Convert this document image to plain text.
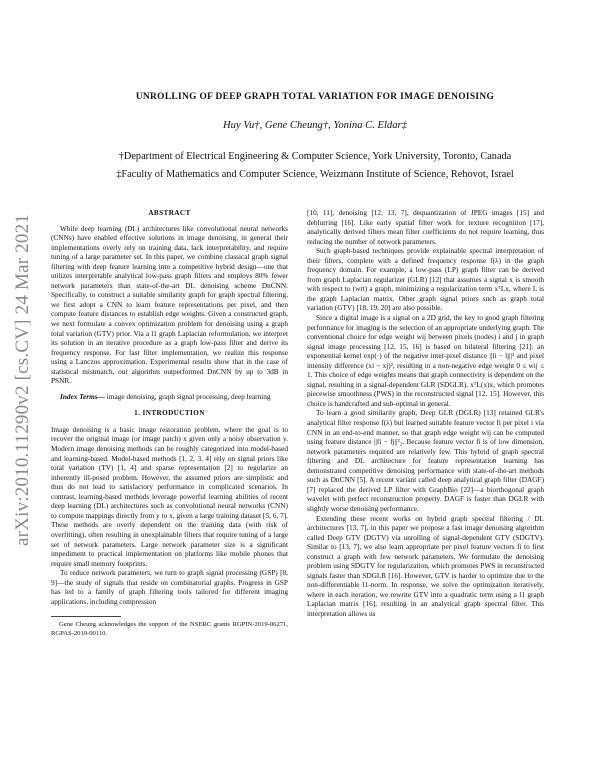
arXiv:2010.11290v2 [cs.CV] 24 Mar 2021
UNROLLING OF DEEP GRAPH TOTAL VARIATION FOR IMAGE DENOISING
Huy Vu†, Gene Cheung†, Yonina C. Eldar‡
†Department of Electrical Engineering & Computer Science, York University, Toronto, Canada
‡Faculty of Mathematics and Computer Science, Weizmann Institute of Science, Rehovot, Israel
ABSTRACT

While deep learning (DL) architectures like convolutional neural networks (CNNs) have enabled effective solutions in image denoising, in general their implementations overly rely on training data, lack interpretability, and require tuning of a large parameter set. In this paper, we combine classical graph signal filtering with deep feature learning into a competitive hybrid design—one that utilizes interpretable analytical low-pass graph filters and employs 80% fewer network parameters than state-of-the-art DL denoising scheme DnCNN. Specifically, to construct a suitable similarity graph for graph spectral filtering, we first adopt a CNN to learn feature representations per pixel, and then compute feature distances to establish edge weights. Given a constructed graph, we next formulate a convex optimization problem for denoising using a graph total variation (GTV) prior. Via a l1 graph Laplacian reformulation, we interpret its solution in an iterative procedure as a graph low-pass filter and derive its frequency response. For fast filter implementation, we realize this response using a Lanczos approximation. Experimental results show that in the case of statistical mistmatch, our algorithm outperformed DnCNN by up to 3dB in PSNR.

Index Terms— image denoising, graph signal processing, deep learning

1. INTRODUCTION

Image denoising is a basic image restoration problem, where the goal is to recover the original image (or image patch) x given only a noisy observation y. Modern image denoising methods can be roughly categorized into model-based and learning-based. Model-based methods [1, 2, 3, 4] rely on signal priors like total variation (TV) [1, 4] and sparse representation [2] to regularize an inherently ill-posed problem. However, the assumed priors are simplistic and thus do not lead to satisfactory performance in complicated scenarios. In contrast, learning-based methods leverage powerful learning abilities of recent deep learning (DL) architectures such as convolutional neural networks (CNN) to compute mappings directly from y to x, given a large training dataset [5, 6, 7]. These methods are overly dependent on the training data (with risk of overfitting), often resulting in unexplainable filters that require tuning of a large set of network parameters. Large network parameter size is a significant impediment to practical implementation on platforms like mobile phones that require small memory footprints.

To reduce network parameters, we turn to graph signal processing (GSP) [8, 9]—the study of signals that reside on combinatorial graphs. Progress in GSP has led to a family of graph filtering tools tailored for different imaging applications, including compression

Gene Cheung acknowledges the support of the NSERC grants RGPIN-2019-06271, RGPAS-2019-00110.

[10, 11], denoising [12, 13, 7], dequantization of JPEG images [15] and deblurring [16]. Like early spatial filter work for texture recognition [17], analytically derived filters mean filter coefficients do not require learning, thus reducing the number of network parameters.

Such graph-based techniques provide explainable spectral interpretation of their filters, complete with a defined frequency response f(λ) in the graph frequency domain. For example, a low-pass (LP) graph filter can be derived from graph Laplacian regularizer (GLR) [12] that assumes a signal x is smooth with respect to (wrt) a graph, minimizing a regularization term xᵀLx, where L is the graph Laplacian matrix. Other graph signal priors such as graph total variation (GTV) [18, 19, 20] are also possible.

Since a digital image is a signal on a 2D grid, the key to good graph filtering performance for imaging is the selection of an appropriate underlying graph. The conventional choice for edge weight wij between pixels (nodes) i and j in graph signal image processing [12, 15, 16] is based on bilateral filtering [21]: an exponential kernel exp(·) of the negative inter-pixel distance ||li − lj||² and pixel intensity difference (xi − xj)², resulting in a non-negative edge weight 0 ≤ wij ≤ 1. This choice of edge weights means that graph connectivity is dependent on the signal, resulting in a signal-dependent GLR (SDGLR), xᵀL(x)x, which promotes piecewise smoothness (PWS) in the reconstructed signal [12, 15]. However, this choice is handcrafted and sub-optimal in general.

To learn a good similarity graph, Deep GLR (DGLR) [13] retained GLR's analytical filter response f(λ) but learned suitable feature vector fi per pixel i via CNN in an end-to-end manner, so that graph edge weight wij can be computed using feature distance ||fi − fj||²₂. Because feature vector fi is of low dimension, network parameters required are relatively few. This hybrid of graph spectral filtering and DL architecture for feature representation learning has demonstrated competitive denoising performance with state-of-the-art methods such as DnCNN [5]. A recent variant called deep analytical graph filter (DAGF) [7] replaced the derived LP filter with GraphBio [22]—a biorthogonal graph wavelet with perfect reconstruction property. DAGF is faster than DGLR with slightly worse denoising performance.

Extending these recent works on hybrid graph spectral filtering / DL architectures [13, 7], in this paper we propose a fast image denoising algorithm called Deep GTV (DGTV) via unrolling of signal-dependent GTV (SDGTV). Similar to [13, 7], we also learn appropriate per pixel feature vectors fi to first construct a graph with few network parameters. We formulate the denoising problem using SDGTV for regularization, which promotes PWS in reconstructed signals faster than SDGLR [16]. However, GTV is harder to optimize due to the non-differentiable l1-norm. In response, we solve the optimization iteratively, where in each iteration, we rewrite GTV into a quadratic term using a l1 graph Laplacian matrix [16], resulting in an analytical graph spectral filter. This interpretation allows us
